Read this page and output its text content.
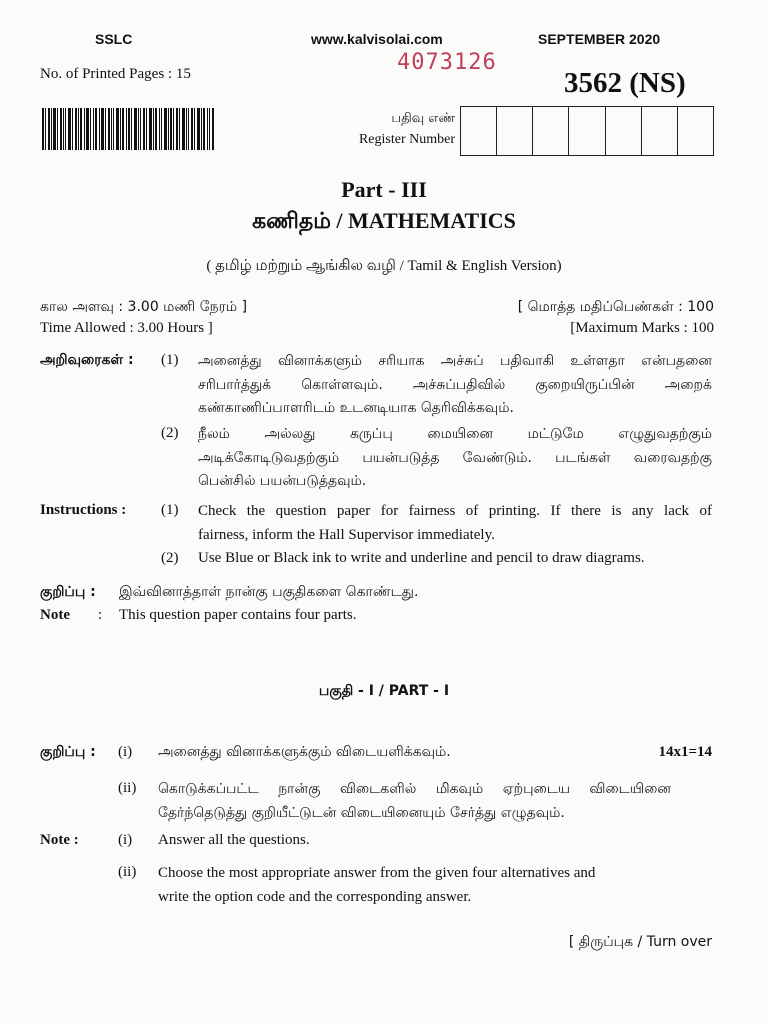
SSLC	www.kalvisolai.com	SEPTEMBER 2020
4073126
No. of Printed Pages : 15	3562 (NS)
பதிவு எண்
Register Number
Part - III
கணிதம் / MATHEMATICS
( தமிழ் மற்றும் ஆங்கில வழி / Tamil & English Version)
கால அளவு : 3.00 மணி நேரம் ]
Time Allowed : 3.00 Hours ]
[ மொத்த மதிப்பெண்கள் : 100
[Maximum Marks : 100
அறிவுரைகள் : (1) அனைத்து வினாக்களும் சரியாக அச்சுப் பதிவாகி உள்ளதா என்பதனை
சரிபார்த்துக் கொள்ளவும். அச்சுப்பதிவில் குறையிருப்பின் அறைக்
கண்காணிப்பாளரிடம் உடனடியாக தெரிவிக்கவும்.
(2) நீலம் அல்லது கருப்பு மையினை மட்டுமே எழுதுவதற்கும்
அடிக்கோடிடுவதற்கும் பயன்படுத்த வேண்டும். படங்கள் வரைவதற்கு
பென்சில் பயன்படுத்தவும்.
Instructions : (1) Check the question paper for fairness of printing. If there is any lack of
fairness, inform the Hall Supervisor immediately.
(2) Use Blue or Black ink to write and underline and pencil to draw diagrams.
குறிப்பு : இவ்வினாத்தாள் நான்கு பகுதிகளை கொண்டது.
Note : This question paper contains four parts.
பகுதி - I / PART - I
குறிப்பு : (i) அனைத்து வினாக்களுக்கும் விடையளிக்கவும்.	14x1=14
(ii) கொடுக்கப்பட்ட நான்கு விடைகளில் மிகவும் ஏற்புடைய விடையினை
தேர்ந்தெடுத்து குறியீட்டுடன் விடையினையும் சேர்த்து எழுதவும்.
Note :	(i) Answer all the questions.
(ii) Choose the most appropriate answer from the given four alternatives and
write the option code and the corresponding answer.
[ திருப்புக / Turn over
